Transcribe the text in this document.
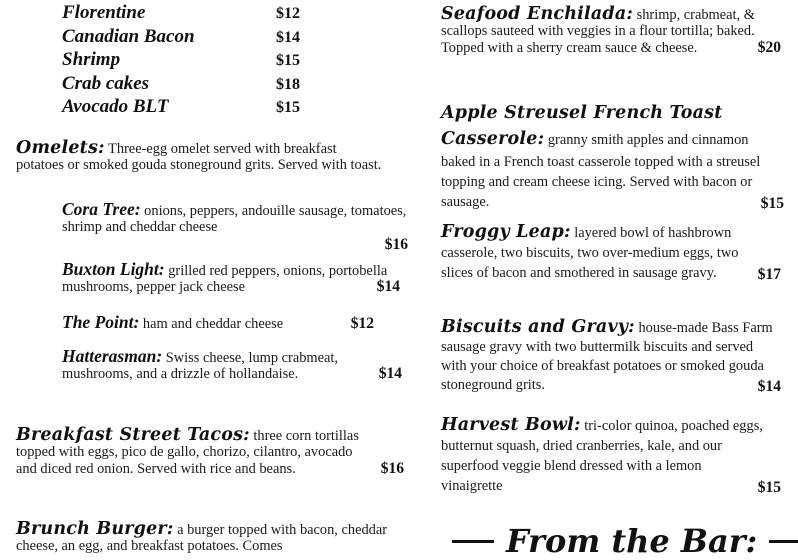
Florentine	$12
Canadian Bacon	$14
Shrimp	$15
Crab cakes	$18
Avocado BLT	$15
Omelets: Three-egg omelet served with breakfast potatoes or smoked gouda stoneground grits. Served with toast.
Cora Tree: onions, peppers, andouille sausage, tomatoes, shrimp and cheddar cheese
$16
Buxton Light: grilled red peppers, onions, portobella mushrooms, pepper jack cheese	$14
The Point: ham and cheddar cheese	$12
Hatterasman: Swiss cheese, lump crabmeat, mushrooms, and a drizzle of hollandaise.	$14
Breakfast Street Tacos: three corn tortillas topped with eggs, pico de gallo, chorizo, cilantro, avocado and diced red onion. Served with rice and beans.	$16
Brunch Burger: a burger topped with bacon, cheddar cheese, an egg, and breakfast potatoes. Comes
Seafood Enchilada: shrimp, crabmeat, & scallops sauteed with veggies in a flour tortilla; baked. Topped with a sherry cream sauce & cheese.	$20
Apple Streusel French Toast Casserole: granny smith apples and cinnamon baked in a French toast casserole topped with a streusel topping and cream cheese icing. Served with bacon or sausage.	$15
Froggy Leap: layered bowl of hashbrown casserole, two biscuits, two over-medium eggs, two slices of bacon and smothered in sausage gravy.	$17
Biscuits and Gravy: house-made Bass Farm sausage gravy with two buttermilk biscuits and served with your choice of breakfast potatoes or smoked gouda stoneground grits.	$14
Harvest Bowl: tri-color quinoa, poached eggs, butternut squash, dried cranberries, kale, and our superfood veggie blend dressed with a lemon vinaigrette	$15
From the Bar:
